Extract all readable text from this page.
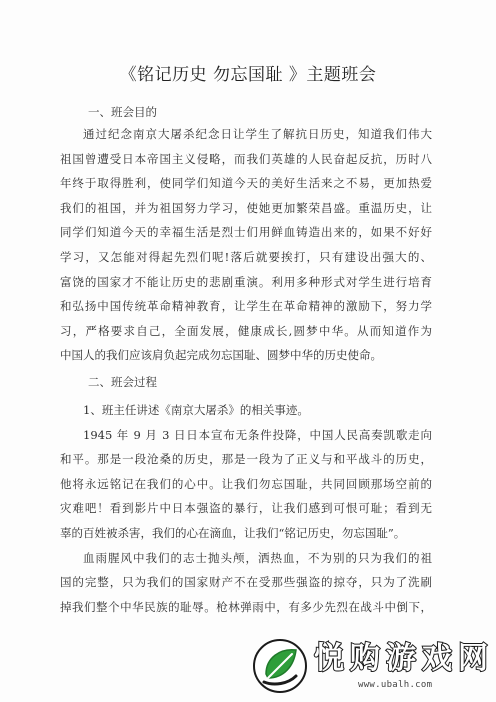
《铭记历史 勿忘国耻 》主题班会
一、班会目的
通过纪念南京大屠杀纪念日让学生了解抗日历史，知道我们伟大
祖国曾遭受日本帝国主义侵略，而我们英雄的人民奋起反抗，历时八
年终于取得胜利，使同学们知道今天的美好生活来之不易，更加热爱
我们的祖国，并为祖国努力学习，使她更加繁荣昌盛。重温历史，让
同学们知道今天的幸福生活是烈士们用鲜血铸造出来的，如果不好好
学习，又怎能对得起先烈们呢!落后就要挨打，只有建设出强大的、
富饶的国家才不能让历史的悲剧重演。利用多种形式对学生进行培育
和弘扬中国传统革命精神教育，让学生在革命精神的激励下，努力学
习，严格要求自己，全面发展，健康成长,圆梦中华。从而知道作为
中国人的我们应该肩负起完成勿忘国耻、圆梦中华的历史使命。
二、班会过程
1、班主任讲述《南京大屠杀》的相关事迹。
1945 年 9 月 3 日日本宣布无条件投降，中国人民高奏凯歌走向
和平。那是一段沧桑的历史，那是一段为了正义与和平战斗的历史，
他将永远铭记在我们的心中。让我们勿忘国耻，共同回顾那场空前的
灾难吧！看到影片中日本强盗的暴行，让我们感到可恨可耻；看到无
辜的百姓被杀害，我们的心在滴血，让我们“铭记历史，勿忘国耻”。
血雨腥风中我们的志士抛头颅，洒热血，不为别的只为我们的祖
国的完整，只为我们的国家财产不在受那些强盗的掠夺，只为了洗刷
掉我们整个中华民族的耻辱。枪林弹雨中，有多少先烈在战斗中倒下，
悦 购 游 戏 网
www.ubalh.com
